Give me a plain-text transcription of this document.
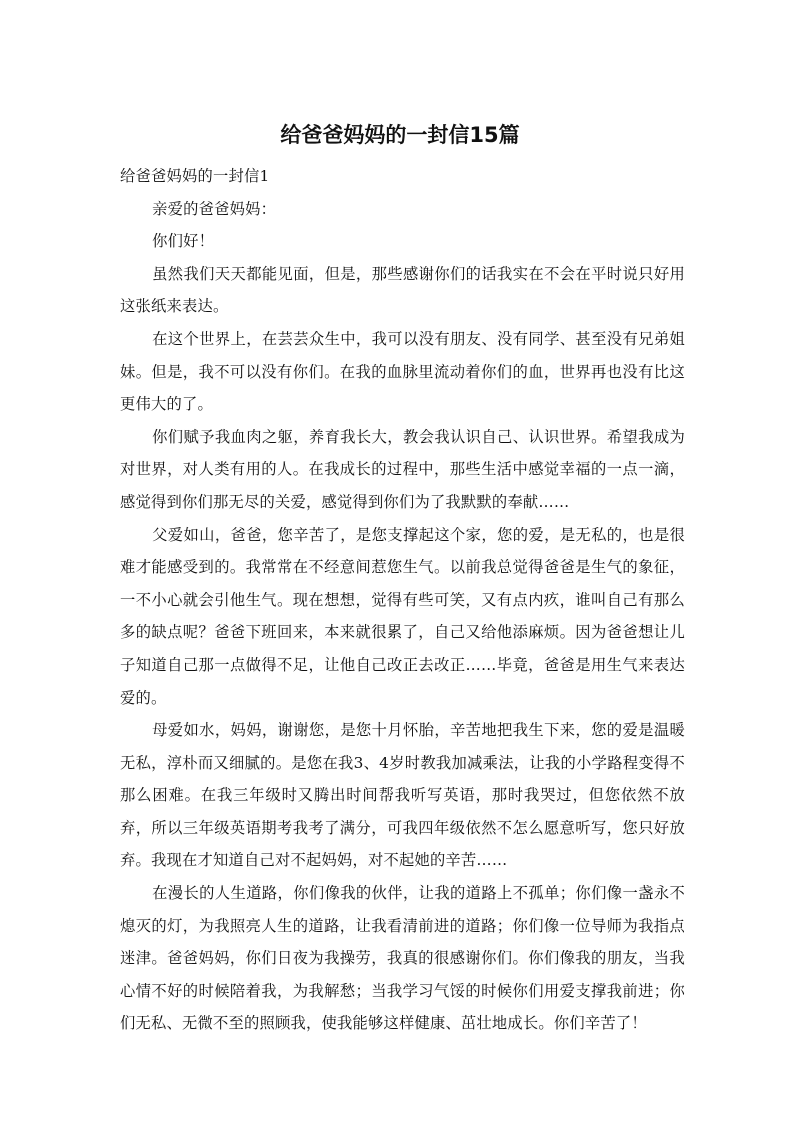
给爸爸妈妈的一封信15篇

给爸爸妈妈的一封信1

亲爱的爸爸妈妈：

你们好！

虽然我们天天都能见面，但是，那些感谢你们的话我实在不会在平时说只好用这张纸来表达。

在这个世界上，在芸芸众生中，我可以没有朋友、没有同学、甚至没有兄弟姐妹。但是，我不可以没有你们。在我的血脉里流动着你们的血，世界再也没有比这更伟大的了。

你们赋予我血肉之躯，养育我长大，教会我认识自己、认识世界。希望我成为对世界，对人类有用的人。在我成长的过程中，那些生活中感觉幸福的一点一滴，感觉得到你们那无尽的关爱，感觉得到你们为了我默默的奉献……

父爱如山，爸爸，您辛苦了，是您支撑起这个家，您的爱，是无私的，也是很难才能感受到的。我常常在不经意间惹您生气。以前我总觉得爸爸是生气的象征，一不小心就会引他生气。现在想想，觉得有些可笑，又有点内疚，谁叫自己有那么多的缺点呢？爸爸下班回来，本来就很累了，自己又给他添麻烦。因为爸爸想让儿子知道自己那一点做得不足，让他自己改正去改正……毕竟，爸爸是用生气来表达爱的。

母爱如水，妈妈，谢谢您，是您十月怀胎，辛苦地把我生下来，您的爱是温暖无私，淳朴而又细腻的。是您在我3、4岁时教我加减乘法，让我的小学路程变得不那么困难。在我三年级时又腾出时间帮我听写英语，那时我哭过，但您依然不放弃，所以三年级英语期考我考了满分，可我四年级依然不怎么愿意听写，您只好放弃。我现在才知道自己对不起妈妈，对不起她的辛苦……

在漫长的人生道路，你们像我的伙伴，让我的道路上不孤单；你们像一盏永不熄灭的灯，为我照亮人生的道路，让我看清前进的道路；你们像一位导师为我指点迷津。爸爸妈妈，你们日夜为我操劳，我真的很感谢你们。你们像我的朋友，当我心情不好的时候陪着我，为我解愁；当我学习气馁的时候你们用爱支撑我前进；你们无私、无微不至的照顾我，使我能够这样健康、茁壮地成长。你们辛苦了！
